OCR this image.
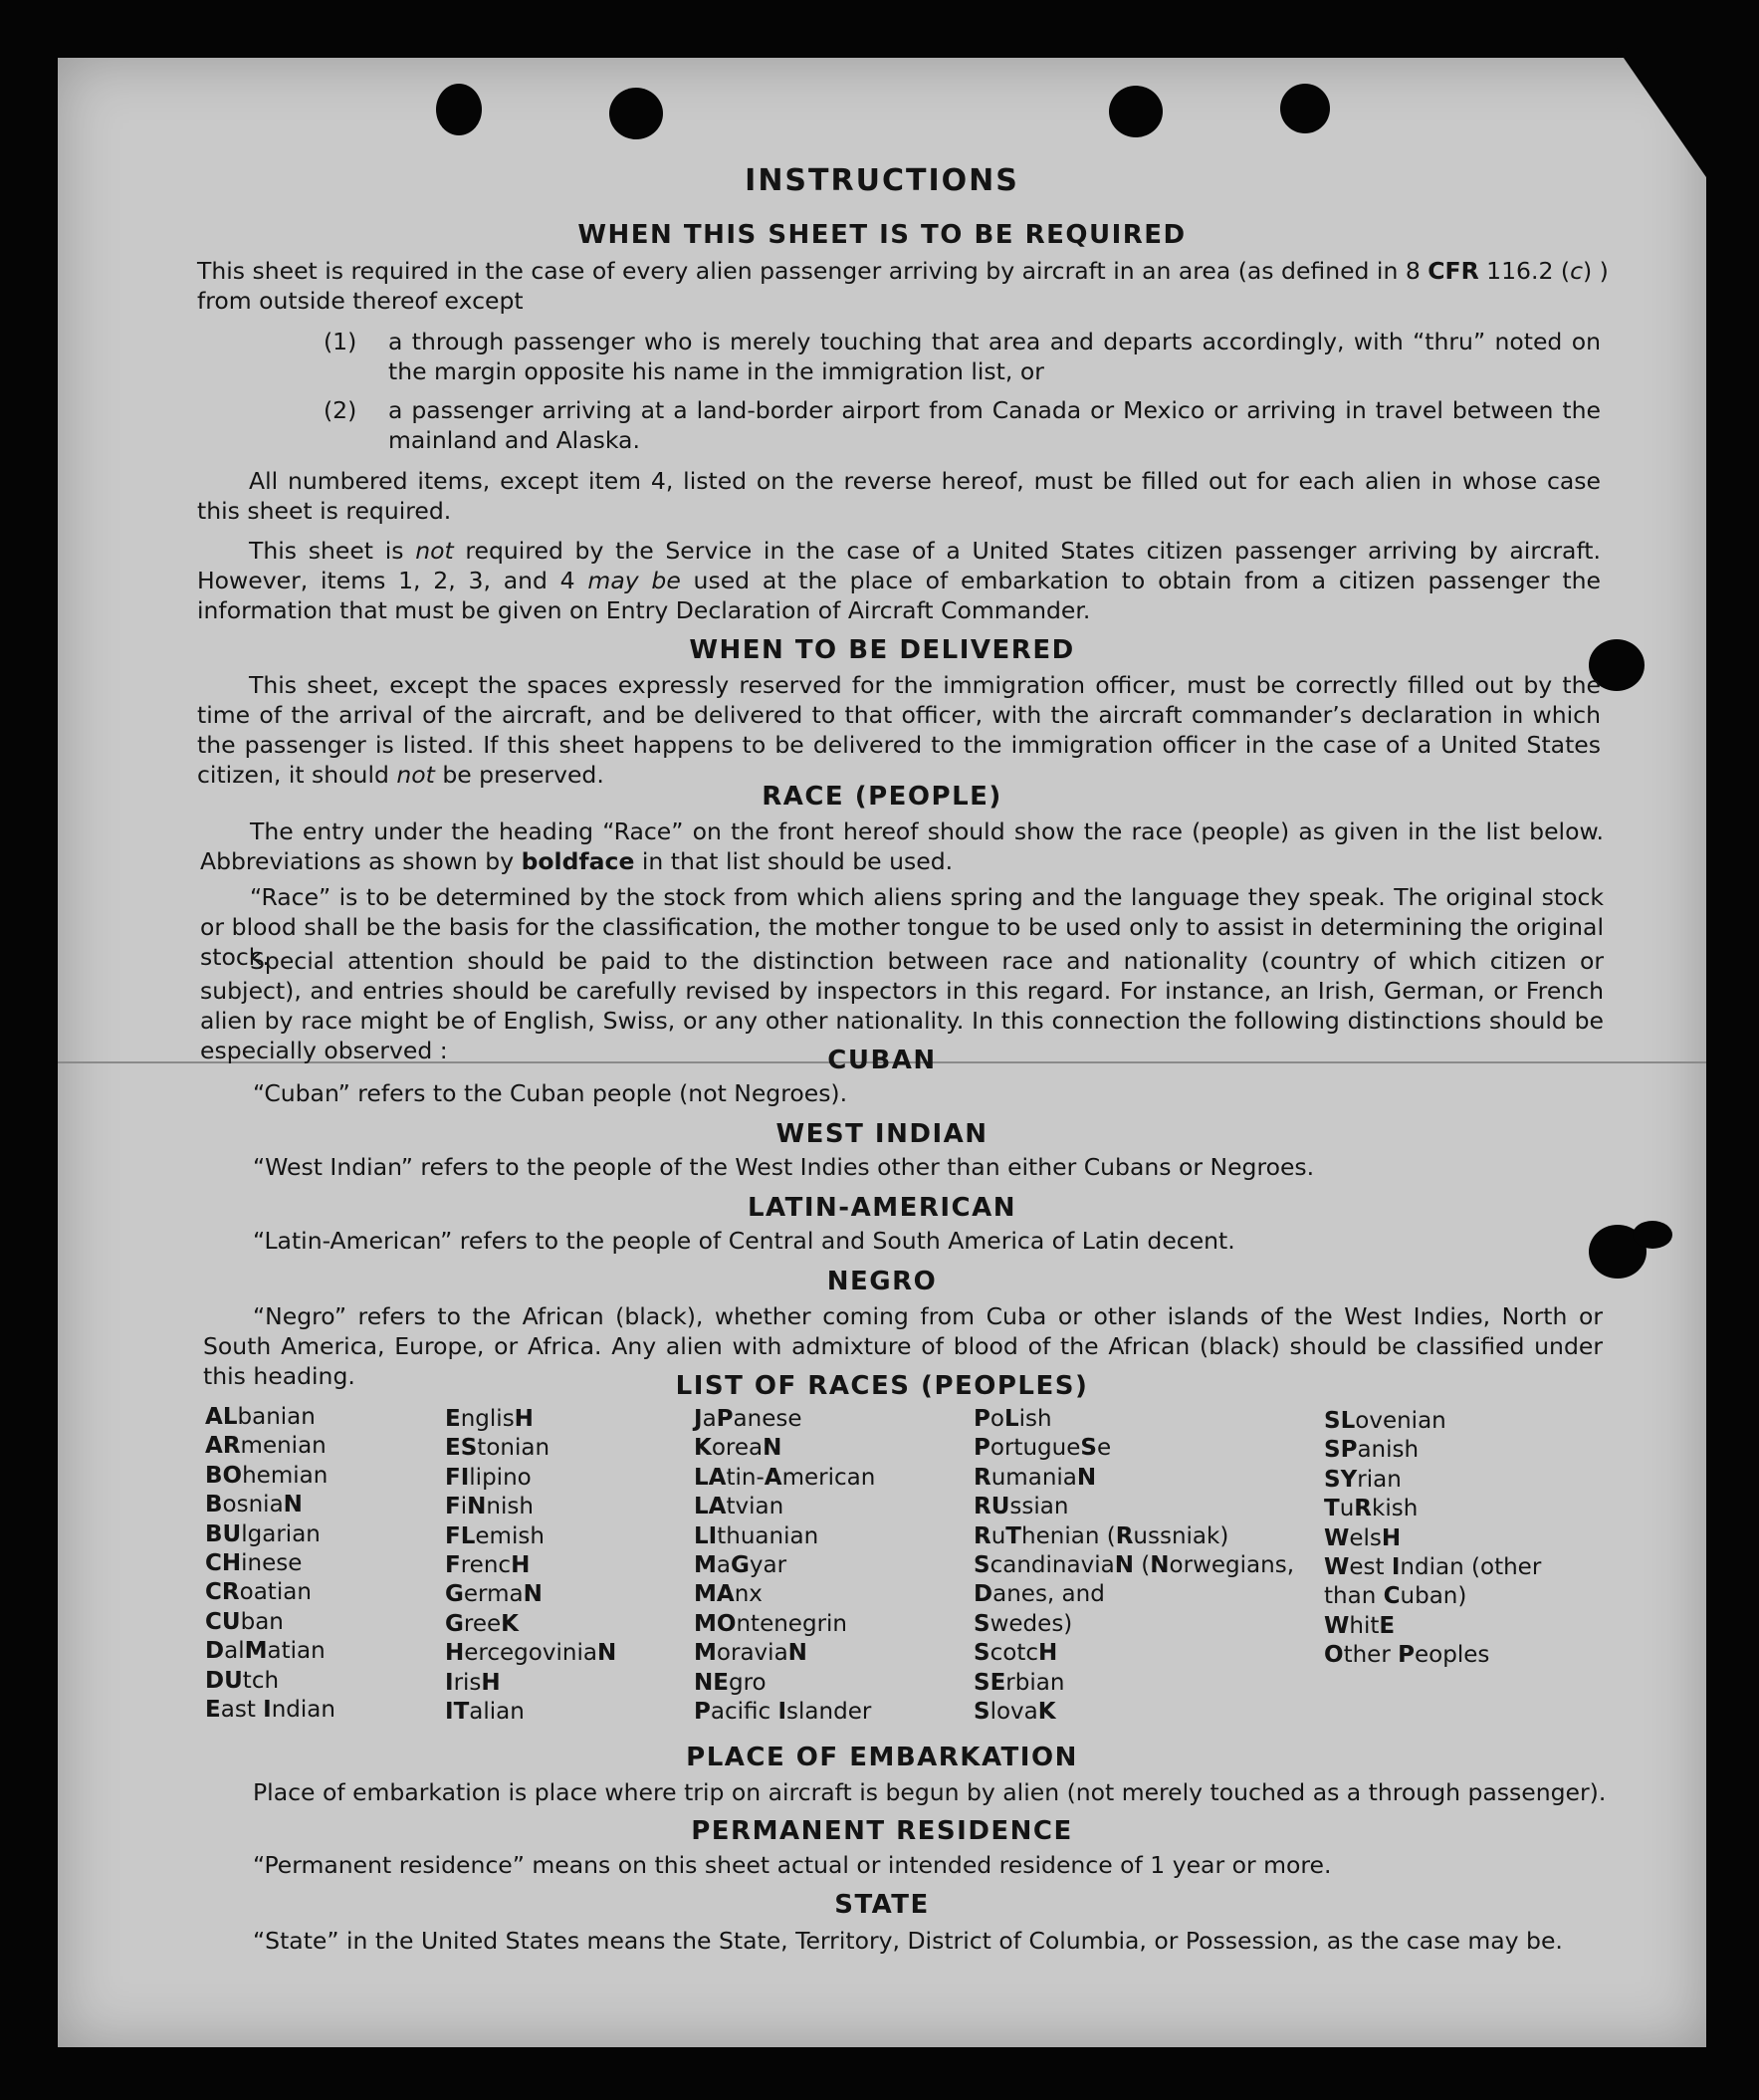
INSTRUCTIONS
WHEN THIS SHEET IS TO BE REQUIRED
This sheet is required in the case of every alien passenger arriving by aircraft in an area (as defined in 8 CFR 116.2 (c) )
from outside thereof except
(1) a through passenger who is merely touching that area and departs accordingly, with “thru” noted on the margin opposite his name in the immigration list, or
(2) a passenger arriving at a land-border airport from Canada or Mexico or arriving in travel between the mainland and Alaska.
All numbered items, except item 4, listed on the reverse hereof, must be filled out for each alien in whose case this sheet is required.
This sheet is not required by the Service in the case of a United States citizen passenger arriving by aircraft. However, items 1, 2, 3, and 4 may be used at the place of embarkation to obtain from a citizen passenger the information that must be given on Entry Declaration of Aircraft Commander.
WHEN TO BE DELIVERED
This sheet, except the spaces expressly reserved for the immigration officer, must be correctly filled out by the time of the arrival of the aircraft, and be delivered to that officer, with the aircraft commander’s declaration in which the passenger is listed. If this sheet happens to be delivered to the immigration officer in the case of a United States citizen, it should not be preserved.
RACE (PEOPLE)
The entry under the heading “Race” on the front hereof should show the race (people) as given in the list below. Abbreviations as shown by boldface in that list should be used.
“Race” is to be determined by the stock from which aliens spring and the language they speak. The original stock or blood shall be the basis for the classification, the mother tongue to be used only to assist in determining the original stock.
Special attention should be paid to the distinction between race and nationality (country of which citizen or subject), and entries should be carefully revised by inspectors in this regard. For instance, an Irish, German, or French alien by race might be of English, Swiss, or any other nationality. In this connection the following distinctions should be especially observed :	CUBAN
“Cuban” refers to the Cuban people (not Negroes).
WEST INDIAN
“West Indian” refers to the people of the West Indies other than either Cubans or Negroes.
LATIN-AMERICAN
“Latin-American” refers to the people of Central and South America of Latin decent.
NEGRO
“Negro” refers to the African (black), whether coming from Cuba or other islands of the West Indies, North or South America, Europe, or Africa. Any alien with admixture of blood of the African (black) should be classified under this heading.	LIST OF RACES (PEOPLES)
ALbanian
ARmenian
BOhemian
BosniaN
BUlgarian
CHinese
CRoatian
CUban
DalMatian
DUtch
East Indian
EnglisH
EStonian
FIlipino
FiNnish
FLemish
FrencH
GermaN
GreeK
HercegoviniaN
IrisH
ITalian
JaPanese
KoreaN
LAtin-American
LAtvian
LIthuanian
MaGyar
MAnx
MOntenegrin
MoraviaN
NEgro
Pacifc Islander
PoLish
PortugueSe
RumaniaN
RUssian
RuThenian (Russniak)
ScandinaviaN (Norwegians,
Danes, and
Swedes)
ScotcH
SErbian
SlovaK
SLovenian
SPanish
SYrian
TuRkish
WelsH
West Indian (other
than Cuban)
WhitE
Other Peoples
PLACE OF EMBARKATION
Place of embarkation is place where trip on aircraft is begun by alien (not merely touched as a through passenger).
PERMANENT RESIDENCE
“Permanent residence” means on this sheet actual or intended residence of 1 year or more.
STATE
“State” in the United States means the State, Territory, District of Columbia, or Possession, as the case may be.
